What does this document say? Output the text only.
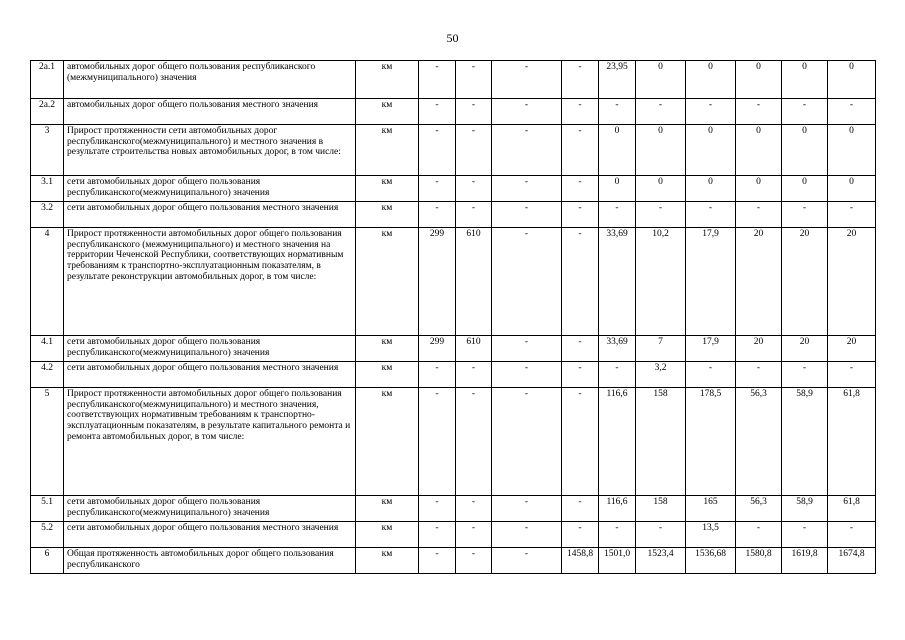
50
2а.1	автомобильных дорог общего пользования республиканского (межмуниципального) значения	км	-	-	-	-	23,95	0	0	0	0	0
2а.2	автомобильных дорог общего пользования местного значения	км	-	-	-	-	-	-	-	-	-	-
3	Прирост протяженности сети автомобильных дорог республиканского(межмуниципального) и местного значения в результате строительства новых автомобильных дорог, в том числе:	км	-	-	-	-	0	0	0	0	0	0
3.1	сети автомобильных дорог общего пользования республиканского(межмуниципального) значения	км	-	-	-	-	0	0	0	0	0	0
3.2	сети автомобильных дорог общего пользования местного значения	км	-	-	-	-	-	-	-	-	-	-
4	Прирост протяженности автомобильных дорог общего пользования республиканского (межмуниципального) и местного значения на территории Чеченской Республики, соответствующих нормативным требованиям к транспортно-эксплуатационным показателям, в результате реконструкции автомобильных дорог, в том числе:	км	299	610	-	-	33,69	10,2	17,9	20	20	20
4.1	сети автомобильных дорог общего пользования республиканского(межмуниципального) значения	км	299	610	-	-	33,69	7	17,9	20	20	20
4.2	сети автомобильных дорог общего пользования местного значения	км	-	-	-	-	-	3,2	-	-	-	-
5	Прирост протяженности автомобильных дорог общего пользования республиканского(межмуниципального) и местного значения, соответствующих нормативным требованиям к транспортно-эксплуатационным показателям, в результате капитального ремонта и ремонта автомобильных дорог, в том числе:	км	-	-	-	-	116,6	158	178,5	56,3	58,9	61,8
5.1	сети автомобильных дорог общего пользования республиканского(межмуниципального) значения	км	-	-	-	-	116,6	158	165	56,3	58,9	61,8
5.2	сети автомобильных дорог общего пользования местного значения	км	-	-	-	-	-	-	13,5	-	-	-
6	Общая протяженность автомобильных дорог общего пользования республиканского	км	-	-	-	1458,8	1501,0	1523,4	1536,68	1580,8	1619,8	1674,8
